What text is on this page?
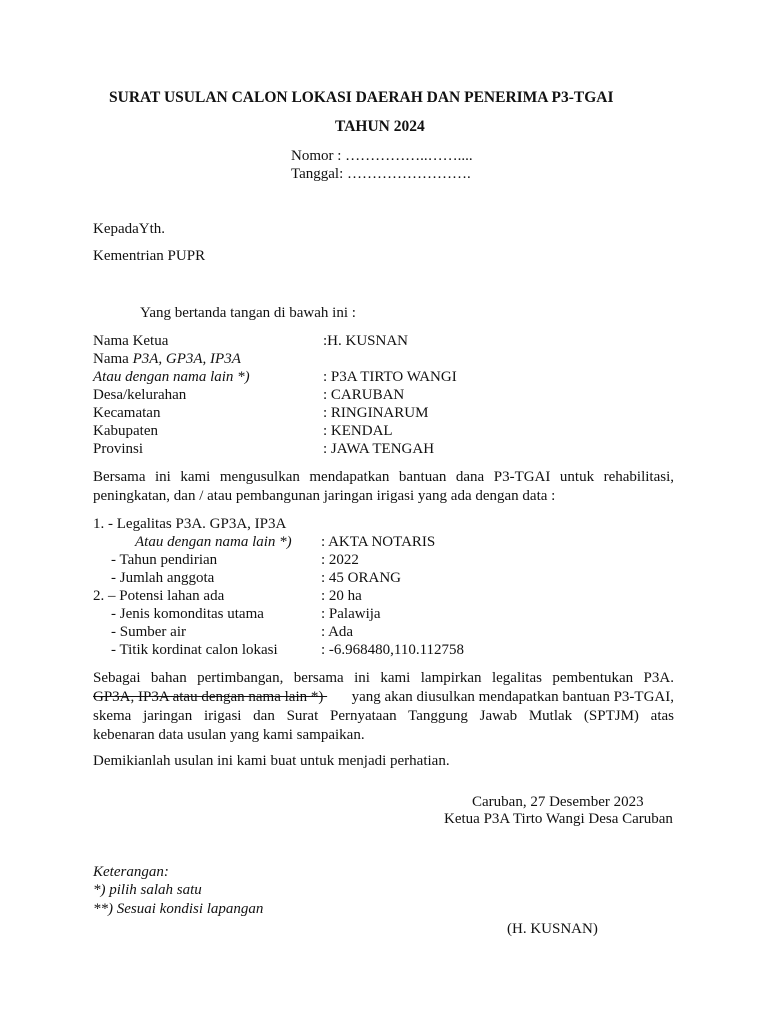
SURAT USULAN CALON LOKASI DAERAH DAN PENERIMA P3-TGAI
TAHUN 2024
Nomor : ……………..……....
Tanggal: …………………….
KepadaYth.
Kementrian PUPR
Yang bertanda tangan di bawah ini :
Nama Ketua	:H. KUSNAN
Nama P3A, GP3A, IP3A
Atau dengan nama lain *)	: P3A TIRTO WANGI
Desa/kelurahan	: CARUBAN
Kecamatan	: RINGINARUM
Kabupaten	: KENDAL
Provinsi	: JAWA TENGAH
Bersama ini kami mengusulkan mendapatkan bantuan dana P3-TGAI untuk rehabilitasi,
peningkatan, dan / atau pembangunan jaringan irigasi yang ada dengan data :
1. - Legalitas P3A. GP3A, IP3A
Atau dengan nama lain *) : AKTA NOTARIS
- Tahun pendirian	: 2022
- Jumlah anggota	: 45 ORANG
2. – Potensi lahan ada	: 20 ha
- Jenis komonditas utama	: Palawija
- Sumber air	: Ada
- Titik kordinat calon lokasi	: -6.968480,110.112758
Sebagai bahan pertimbangan, bersama ini kami lampirkan legalitas pembentukan P3A.
GP3A, IP3A atau dengan nama lain *) yang akan diusulkan mendapatkan bantuan P3-TGAI,
skema jaringan irigasi dan Surat Pernyataan Tanggung Jawab Mutlak (SPTJM) atas
kebenaran data usulan yang kami sampaikan.
Demikianlah usulan ini kami buat untuk menjadi perhatian.
Caruban, 27 Desember 2023
Ketua P3A Tirto Wangi Desa Caruban
Keterangan:
*) pilih salah satu
**) Sesuai kondisi lapangan
(H. KUSNAN)
